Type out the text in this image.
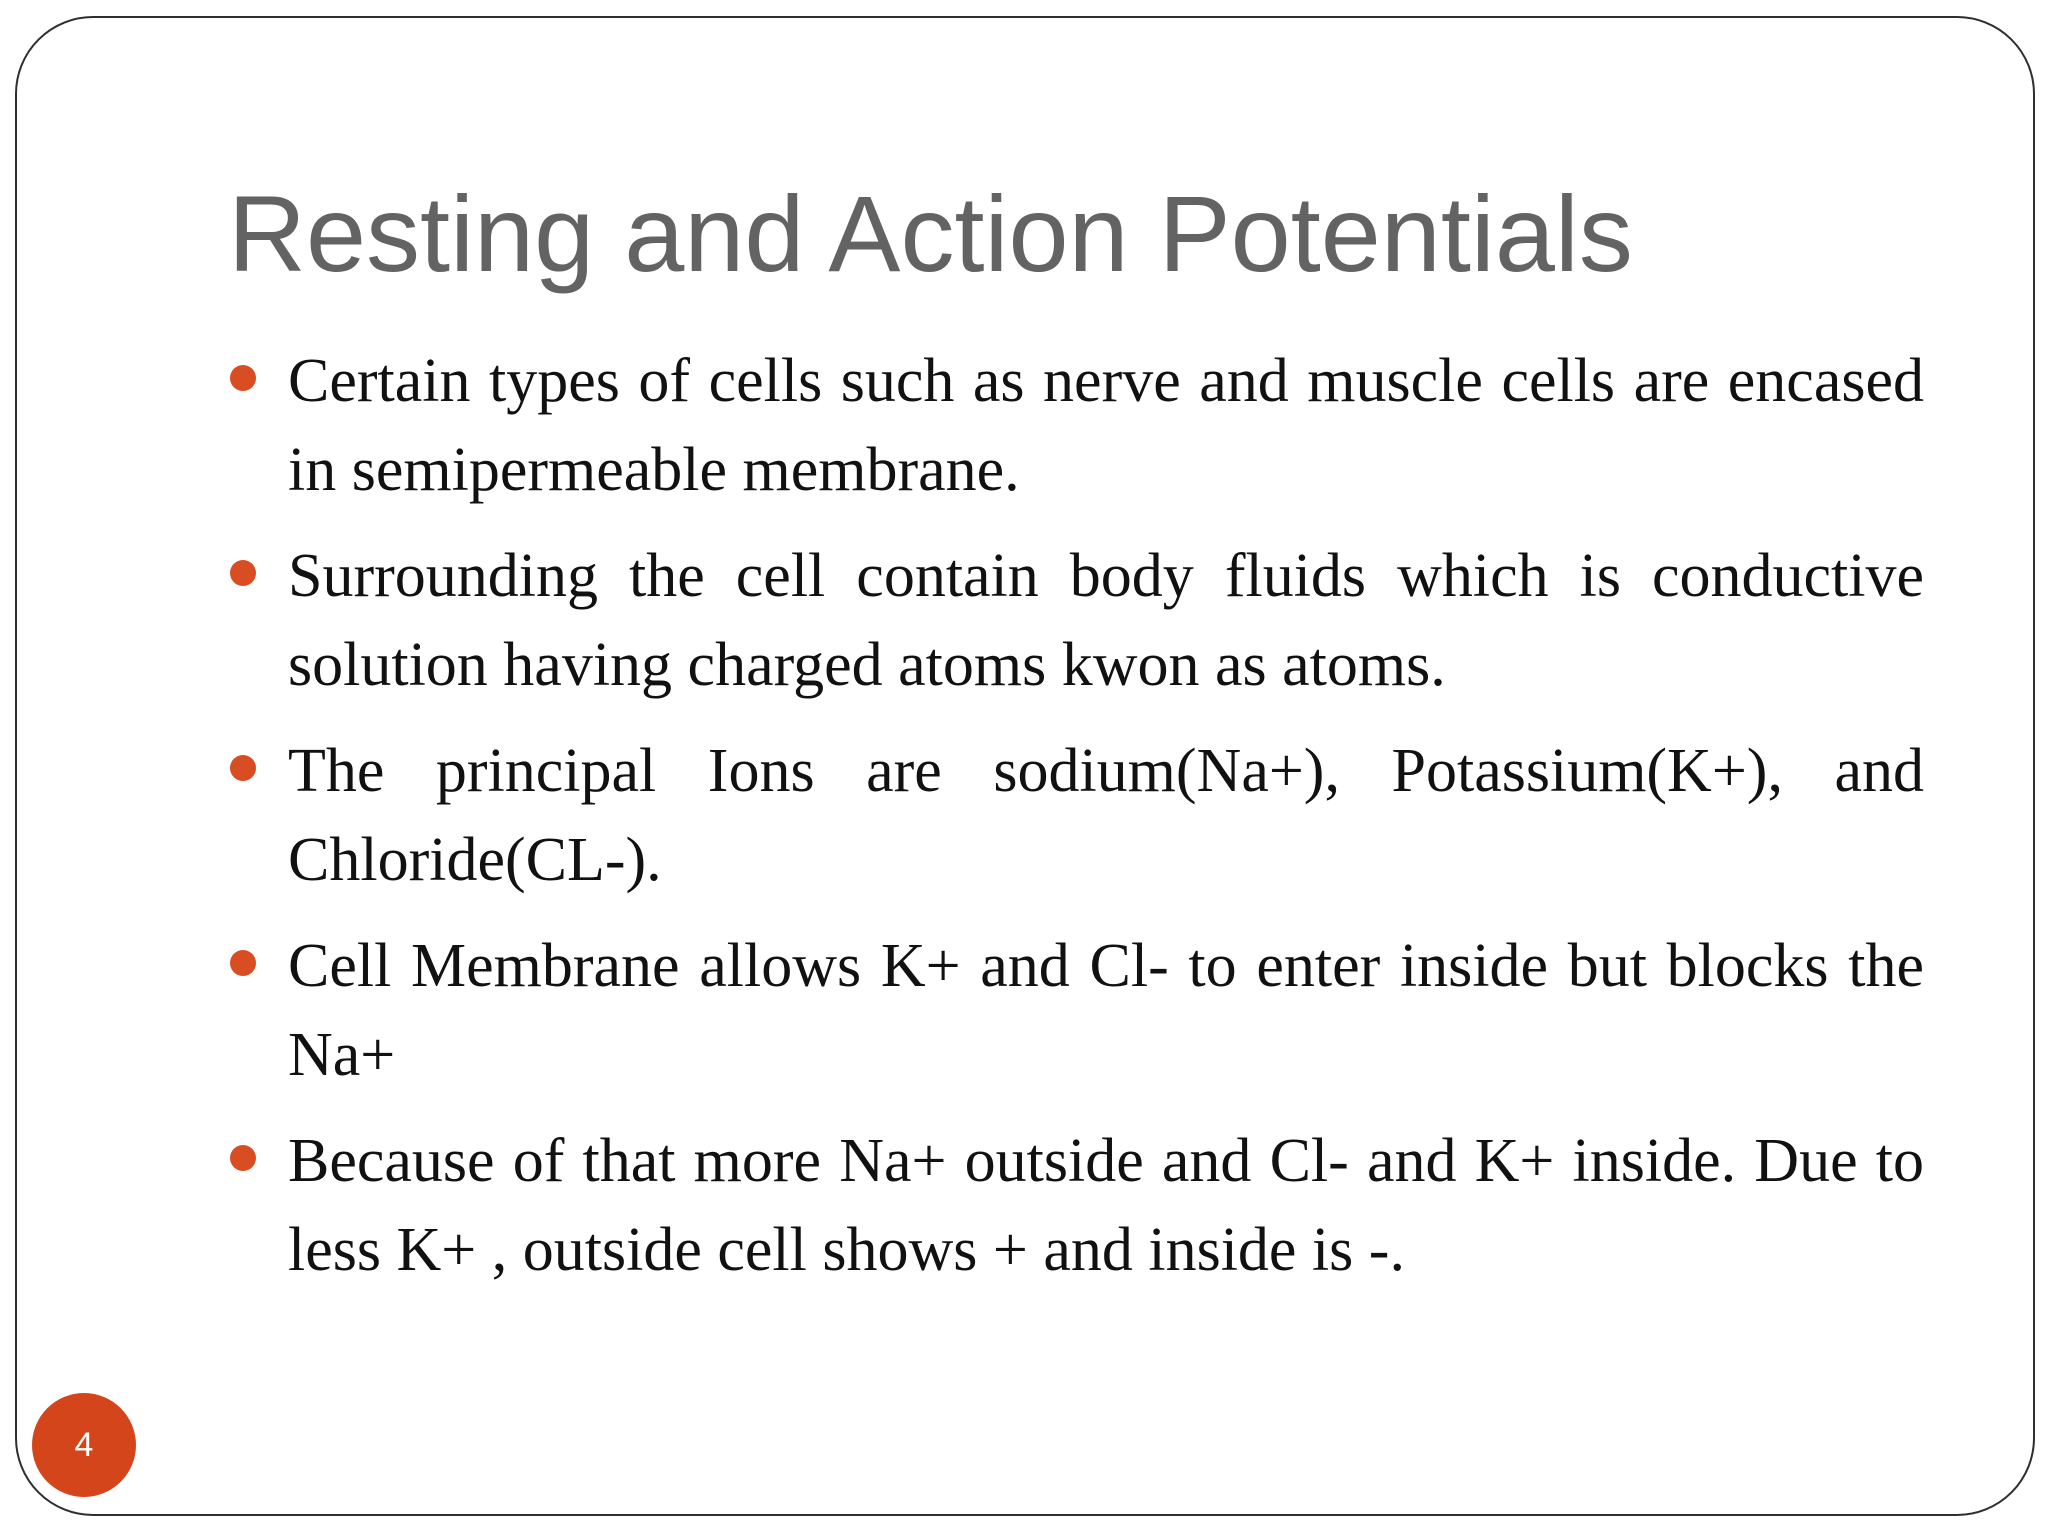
Resting and Action Potentials
Certain types of cells such as nerve and muscle cells are encased in semipermeable membrane.
Surrounding the cell contain body fluids which is conductive solution having charged atoms kwon as atoms.
The principal Ions are sodium(Na+), Potassium(K+), and Chloride(CL-).
Cell Membrane allows K+ and Cl- to enter inside but blocks the Na+
Because of that more Na+ outside and Cl- and K+ inside. Due to less K+ , outside cell shows + and inside is -.
4
